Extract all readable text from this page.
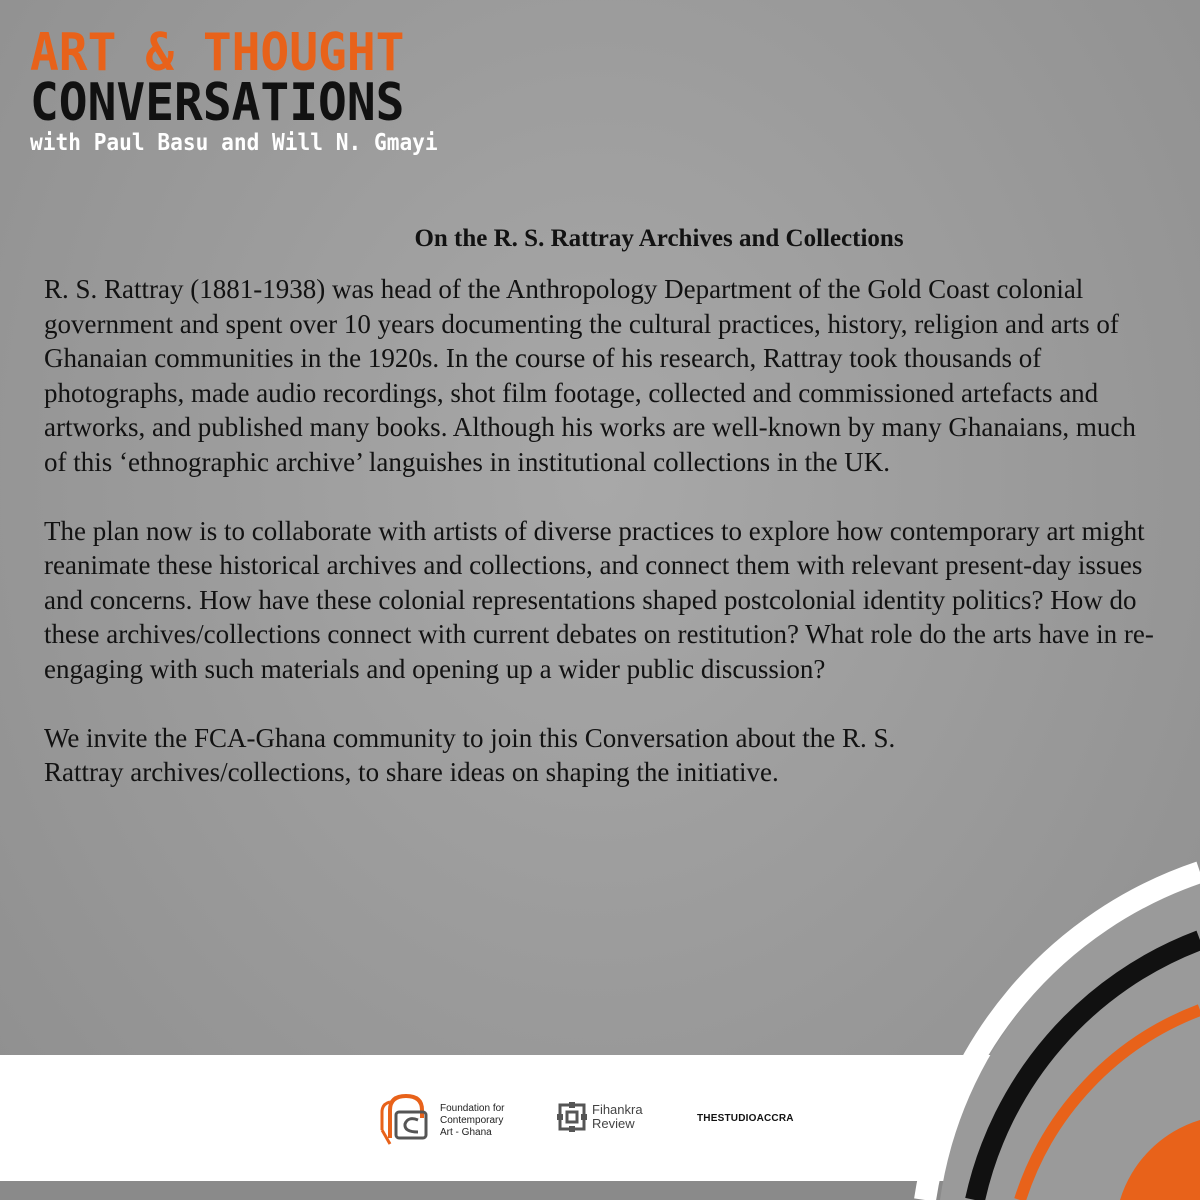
ART & THOUGHT
CONVERSATIONS
with Paul Basu and Will N. Gmayi

On the R. S. Rattray Archives and Collections

R. S. Rattray (1881-1938) was head of the Anthropology Department of the Gold Coast colonial government and spent over 10 years documenting the cultural practices, history, religion and arts of Ghanaian communities in the 1920s. In the course of his research, Rattray took thousands of photographs, made audio recordings, shot film footage, collected and commissioned artefacts and artworks, and published many books. Although his works are well-known by many Ghanaians, much of this ‘ethnographic archive’ languishes in institutional collections in the UK.

The plan now is to collaborate with artists of diverse practices to explore how contemporary art might reanimate these historical archives and collections, and connect them with relevant present-day issues and concerns. How have these colonial representations shaped postcolonial identity politics? How do these archives/collections connect with current debates on restitution? What role do the arts have in re-engaging with such materials and opening up a wider public discussion?

We invite the FCA-Ghana community to join this Conversation about the R. S. Rattray archives/collections, to share ideas on shaping the initiative.

Foundation for
Contemporary
Art - Ghana
Fihankra
Review	THESTUDIOACCRA
